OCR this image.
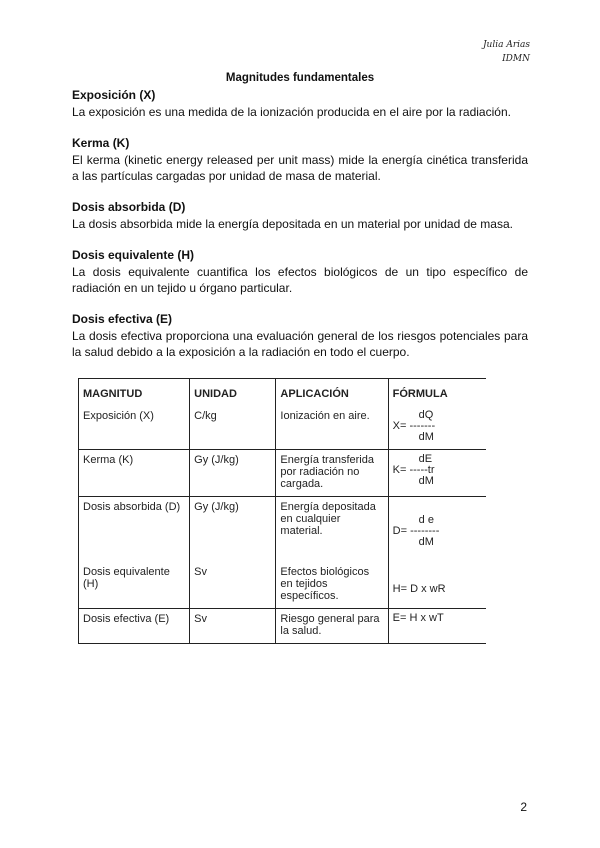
Julia Arias
IDMN
Magnitudes fundamentales
Exposición (X)

La exposición es una medida de la ionización producida en el aire por la radiación.

Kerma (K)

El kerma (kinetic energy released per unit mass) mide la energía cinética transferida a las partículas cargadas por unidad de masa de material.

Dosis absorbida (D)

La dosis absorbida mide la energía depositada en un material por unidad de masa.

Dosis equivalente (H)

La dosis equivalente cuantifica los efectos biológicos de un tipo específico de radiación en un tejido u órgano particular.

Dosis efectiva (E)

La dosis efectiva proporciona una evaluación general de los riesgos potenciales para la salud debido a la exposición a la radiación en todo el cuerpo.

MAGNITUD	UNIDAD	APLICACIÓN	FÓRMULA
Exposición (X)	C/kg	Ionización en aire.	dQ
X= -------
dM

Kerma (K)	Gy (J/kg)	Energía transferida por radiación no cargada.	dE
K= -----tr
dM

Dosis absorbida (D)	Gy (J/kg)	Energía depositada en cualquier material.	d e
D= --------
dM

Dosis equivalente (H)	Sv	Efectos biológicos en tejidos específicos.	H= D x wR

Dosis efectiva (E)	Sv	Riesgo general para la salud.	E= H x wT
2
